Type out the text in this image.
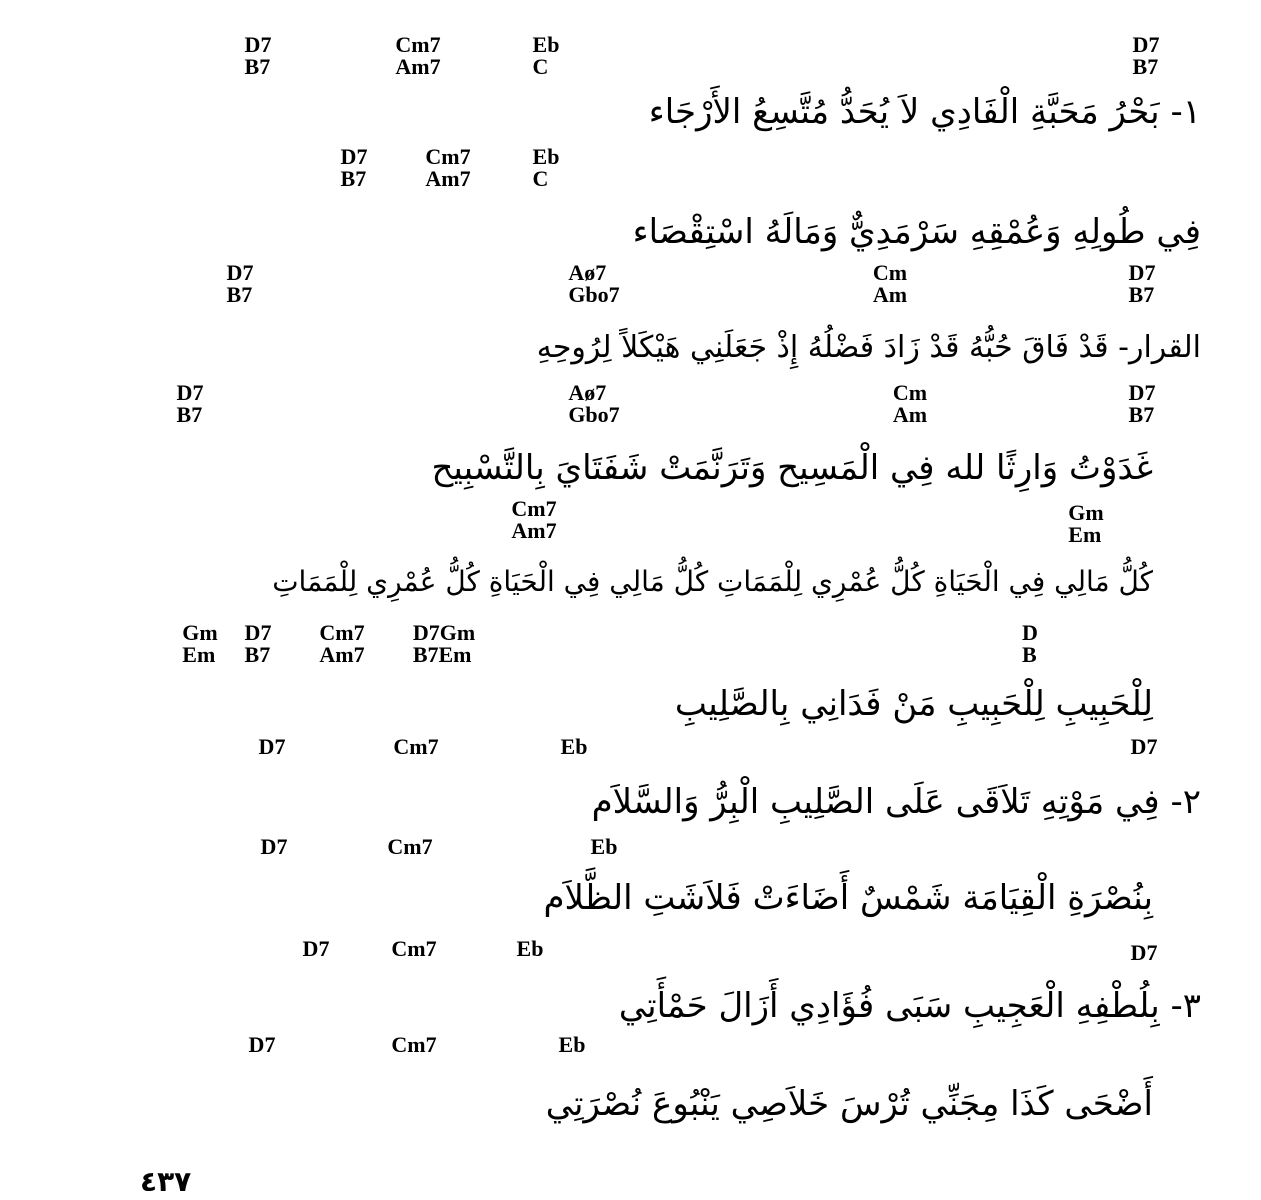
D7
B7
Cm7
Am7
Eb
C
D7
B7
١- بَحْرُ مَحَبَّةِ الْفَادِي لاَ يُحَدُّ مُتَّسِعُ الأَرْجَاء
D7
B7
Cm7
Am7
Eb
C
فِي طُولِهِ وَعُمْقِهِ سَرْمَدِيٌّ وَمَالَهُ اسْتِقْصَاء
D7
B7
Aø7
Gbo7
Cm
Am
D7
B7
القرار- قَدْ فَاقَ حُبُّهُ قَدْ زَادَ فَضْلُهُ إِذْ جَعَلَنِي هَيْكَلاً لِرُوحِهِ
D7
B7
Aø7
Gbo7
Cm
Am
D7
B7
غَدَوْتُ وَارِثًا لله فِي الْمَسِيح وَتَرَنَّمَتْ شَفَتَايَ بِالتَّسْبِيح
Cm7
Am7
Gm
Em
كُلُّ مَالِي فِي الْحَيَاةِ كُلُّ عُمْرِي لِلْمَمَاتِ كُلُّ مَالِي فِي الْحَيَاةِ كُلُّ عُمْرِي لِلْمَمَاتِ
Gm
Em
D7
B7
Cm7
Am7
D7Gm
B7Em
D
B
لِلْحَبِيبِ لِلْحَبِيبِ مَنْ فَدَانِي بِالصَّلِيبِ
D7	Cm7	Eb	D7
٢- فِي مَوْتِهِ تَلاَقَى عَلَى الصَّلِيبِ الْبِرُّ وَالسَّلاَم
D7	Cm7	Eb
بِنُصْرَةِ الْقِيَامَة شَمْسٌ أَضَاءَتْ فَلاَشَتِ الظَّلاَم
D7	Cm7	Eb	D7
٣- بِلُطْفِهِ الْعَجِيبِ سَبَى فُؤَادِي أَزَالَ حَمْأَتِي
D7	Cm7	Eb
أَضْحَى كَذَا مِجَنِّي تُرْسَ خَلاَصِي يَنْبُوعَ نُصْرَتِي
٤٣٧
